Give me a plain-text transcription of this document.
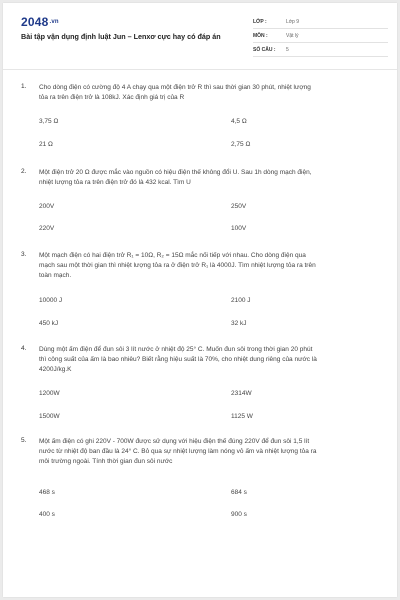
$2048^{.vn}$
Bài tập vận dụng định luật Jun – Lenxơ cực hay có đáp án
LỚP :	Lớp 9
MÔN :	Vật lý
SỐ CÂU : 5
1. Cho dòng điện có cường độ 4 A chạy qua một điện trở R thì sau thời gian 30 phút, nhiệt lượng
tỏa ra trên điện trở là 108kJ. Xác định giá trị của R
3,75 Ω	4,5 Ω
21 Ω	2,75 Ω
2. Một điện trở 20 Ω được mắc vào nguồn có hiệu điện thế không đổi U. Sau 1h dòng mạch điện,
nhiệt lượng tỏa ra trên điện trở đó là 432 kcal. Tìm U
200V	250V
220V	100V
3. Một mạch điện có hai điện trở R₁ = 10Ω, R₂ = 15Ω mắc nối tiếp với nhau. Cho dòng điện qua
mạch sau một thời gian thì nhiệt lượng tỏa ra ở điện trở R₁ là 4000J. Tìm nhiệt lượng tỏa ra trên
toàn mạch.
10000 J	2100 J
450 kJ	32 kJ
4. Dùng một ấm điện để đun sôi 3 lít nước ở nhiệt độ 25° C. Muốn đun sôi trong thời gian 20 phút
thì công suất của ấm là bao nhiêu? Biết rằng hiệu suất là 70%, cho nhiệt dung riêng của nước là
4200J/kg.K
1200W	2314W
1500W	1125 W
5. Một ấm điện có ghi 220V - 700W được sử dụng với hiệu điện thế đúng 220V để đun sôi 1,5 lít
nước từ nhiệt độ ban đầu là 24° C. Bỏ qua sự nhiệt lượng làm nóng vỏ ấm và nhiệt lượng tỏa ra
môi trường ngoài. Tính thời gian đun sôi nước
468 s	684 s
400 s	900 s
